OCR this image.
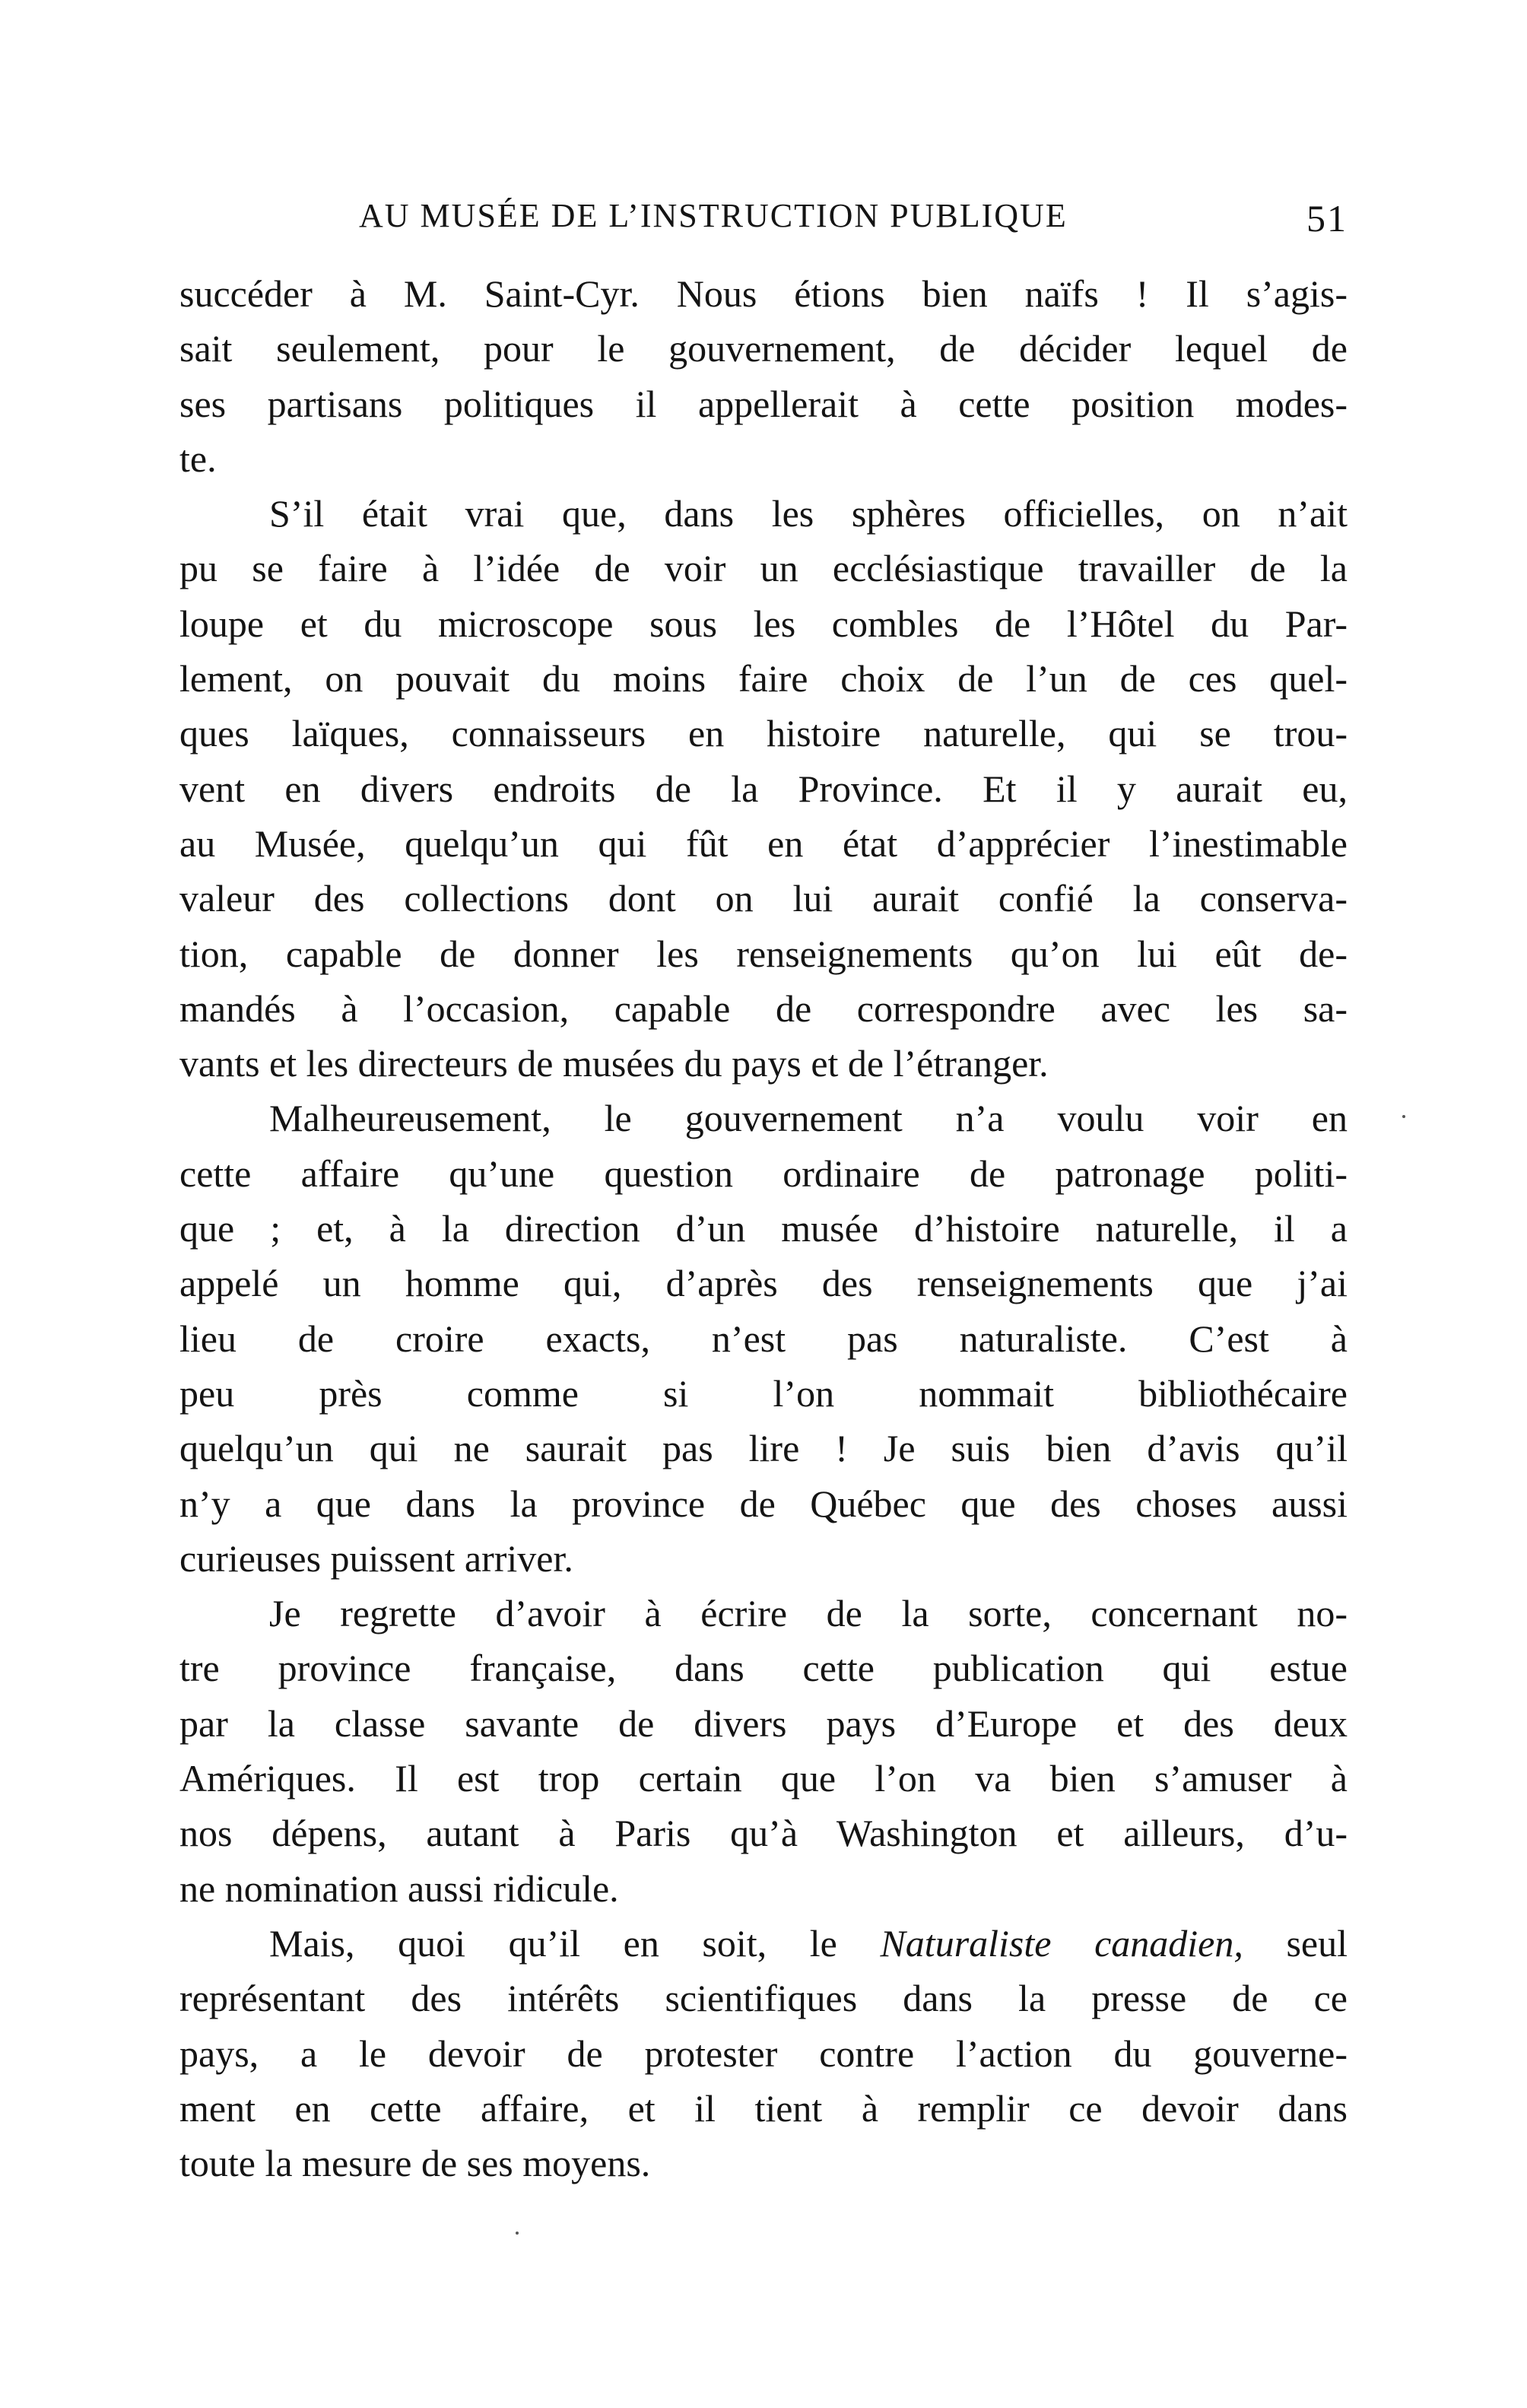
AU MUSÉE DE L’INSTRUCTION PUBLIQUE	51

succéder à M. Saint-Cyr. Nous étions bien naïfs ! Il s’agis-
sait seulement, pour le gouvernement, de décider lequel de
ses partisans politiques il appellerait à cette position modes-
te.

S’il était vrai que, dans les sphères officielles, on n’ait
pu se faire à l’idée de voir un ecclésiastique travailler de la
loupe et du microscope sous les combles de l’Hôtel du Par-
lement, on pouvait du moins faire choix de l’un de ces quel-
ques laïques, connaisseurs en histoire naturelle, qui se trou-
vent en divers endroits de la Province. Et il y aurait eu,
au Musée, quelqu’un qui fût en état d’apprécier l’inestimable
valeur des collections dont on lui aurait confié la conserva-
tion, capable de donner les renseignements qu’on lui eût de-
mandés à l’occasion, capable de correspondre avec les sa-
vants et les directeurs de musées du pays et de l’étranger.

Malheureusement, le gouvernement n’a voulu voir en
cette affaire qu’une question ordinaire de patronage politi-
que ; et, à la direction d’un musée d’histoire naturelle, il a
appelé un homme qui, d’après des renseignements que j’ai
lieu de croire exacts, n’est pas naturaliste. C’est à
peu près comme si l’on nommait bibliothécaire
quelqu’un qui ne saurait pas lire ! Je suis bien d’avis qu’il
n’y a que dans la province de Québec que des choses aussi
curieuses puissent arriver.

Je regrette d’avoir à écrire de la sorte, concernant no-
tre province française, dans cette publication qui estue
par la classe savante de divers pays d’Europe et des deux
Amériques. Il est trop certain que l’on va bien s’amuser à
nos dépens, autant à Paris qu’à Washington et ailleurs, d’u-
ne nomination aussi ridicule.

Mais, quoi qu’il en soit, le Naturaliste canadien, seul
représentant des intérêts scientifiques dans la presse de ce
pays, a le devoir de protester contre l’action du gouverne-
ment en cette affaire, et il tient à remplir ce devoir dans
toute la mesure de ses moyens.
